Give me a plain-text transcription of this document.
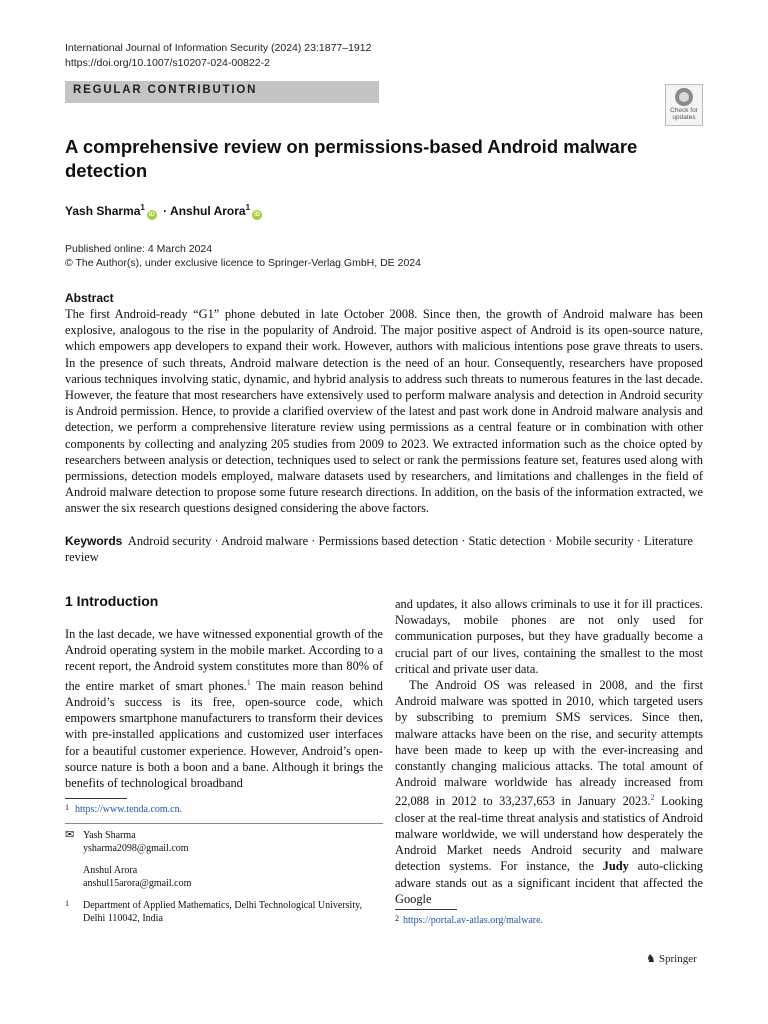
International Journal of Information Security (2024) 23:1877–1912
https://doi.org/10.1007/s10207-024-00822-2
REGULAR CONTRIBUTION
Check for
updates
A comprehensive review on permissions-based Android malware detection
Yash Sharma$^1$iD · Anshul Arora$^1$iD
Published online: 4 March 2024
© The Author(s), under exclusive licence to Springer-Verlag GmbH, DE 2024
Abstract

The first Android-ready “G1” phone debuted in late October 2008. Since then, the growth of Android malware has been explosive, analogous to the rise in the popularity of Android. The major positive aspect of Android is its open-source nature, which empowers app developers to expand their work. However, authors with malicious intentions pose grave threats to users. In the presence of such threats, Android malware detection is the need of an hour. Consequently, researchers have proposed various techniques involving static, dynamic, and hybrid analysis to address such threats to numerous features in the last decade. However, the feature that most researchers have extensively used to perform malware analysis and detection in Android security is Android permission. Hence, to provide a clarified overview of the latest and past work done in Android malware analysis and detection, we perform a comprehensive literature review using permissions as a central feature or in combination with other components by collecting and analyzing 205 studies from 2009 to 2023. We extracted information such as the choice opted by researchers between analysis or detection, techniques used to select or rank the permissions feature set, features used along with permissions, detection models employed, malware datasets used by researchers, and limitations and challenges in the field of Android malware detection to propose some future research directions. In addition, on the basis of the information extracted, we answer the six research questions designed considering the above factors.

Keywords Android security · Android malware · Permissions based detection · Static detection · Mobile security · Literature review

1 Introduction

In the last decade, we have witnessed exponential growth of the Android operating system in the mobile market. According to a recent report, the Android system constitutes more than 80% of the entire market of smart phones.$^1$ The main reason behind Android’s success is its free, open-source code, which empowers smartphone manufacturers to transform their devices with pre-installed applications and customized user interfaces for a beautiful customer experience. However, Android’s open-source nature is both a boon and a bane. Although it brings the benefits of technological broadband

and updates, it also allows criminals to use it for ill practices. Nowadays, mobile phones are not only used for communication purposes, but they have gradually become a crucial part of our lives, containing the smallest to the most critical and private user data.

The Android OS was released in 2008, and the first Android malware was spotted in 2010, which targeted users by subscribing to premium SMS services. Since then, malware attacks have been on the rise, and security attempts have been made to keep up with the ever-increasing and constantly changing malicious attacks. The total amount of Android malware worldwide has already increased from 22,088 in 2012 to 33,237,653 in January 2023.$^2$ Looking closer at the real-time threat analysis and statistics of Android malware worldwide, we will understand how desperately the Android Market needs Android security and malware detection systems. For instance, the Judy auto-clicking adware stands out as a significant incident that affected the Google

1 https://www.tenda.com.cn.
✉ Yash Sharma
ysharma2098@gmail.com
Anshul Arora
anshul15arora@gmail.com
1 Department of Applied Mathematics, Delhi Technological University, Delhi 110042, India	2 https://portal.av-atlas.org/malware.
♞ Springer
